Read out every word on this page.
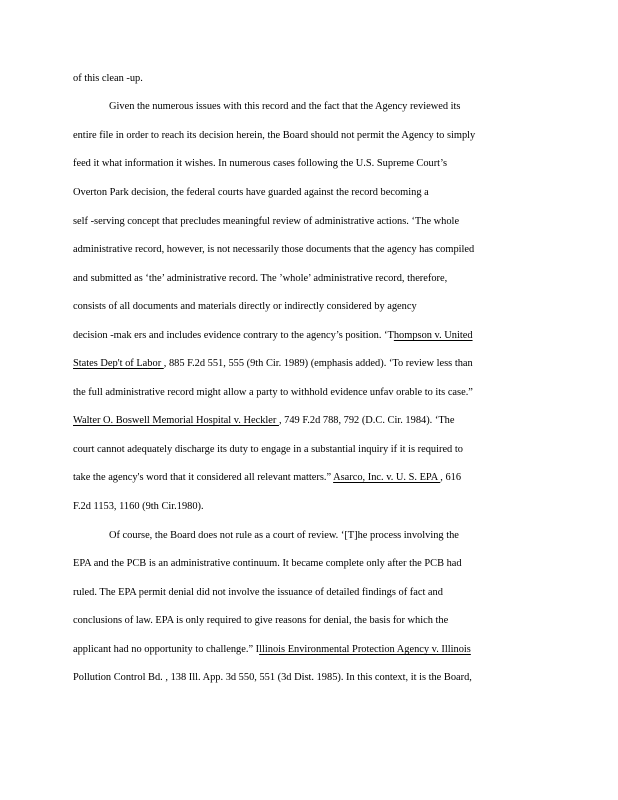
of this clean -up.
Given the numerous issues with this record and the fact that the Agency reviewed its
entire file in order to reach its decision herein, the Board should not permit the Agency to simply
feed it what information it wishes. In numerous cases following the U.S. Supreme Court’s
Overton Park decision, the federal courts have guarded against the record becoming a
self -serving concept that precludes meaningful review of administrative actions. ‘The whole
administrative record, however, is not necessarily those documents that the agency has compiled
and submitted as ‘the’ administrative record. The ’whole’ administrative record, therefore,
consists of all documents and materials directly or indirectly considered by agency
decision -mak ers and includes evidence contrary to the agency’s position. ‘Thompson v. United
States Dep't of Labor , 885 F.2d 551, 555 (9th Cir. 1989) (emphasis added). ‘To review less than
the full administrative record might allow a party to withhold evidence unfav orable to its case.”
Walter O. Boswell Memorial Hospital v. Heckler , 749 F.2d 788, 792 (D.C. Cir. 1984). ‘The
court cannot adequately discharge its duty to engage in a substantial inquiry if it is required to
take the agency's word that it considered all relevant matters.” Asarco, Inc. v. U. S. EPA , 616
F.2d 1153, 1160 (9th Cir.1980).
Of course, the Board does not rule as a court of review. ‘[T]he process involving the
EPA and the PCB is an administrative continuum. It became complete only after the PCB had
ruled. The EPA permit denial did not involve the issuance of detailed findings of fact and
conclusions of law. EPA is only required to give reasons for denial, the basis for which the
applicant had no opportunity to challenge.” Illinois Environmental Protection Agency v. Illinois
Pollution Control Bd. , 138 Ill. App. 3d 550, 551 (3d Dist. 1985). In this context, it is the Board,
